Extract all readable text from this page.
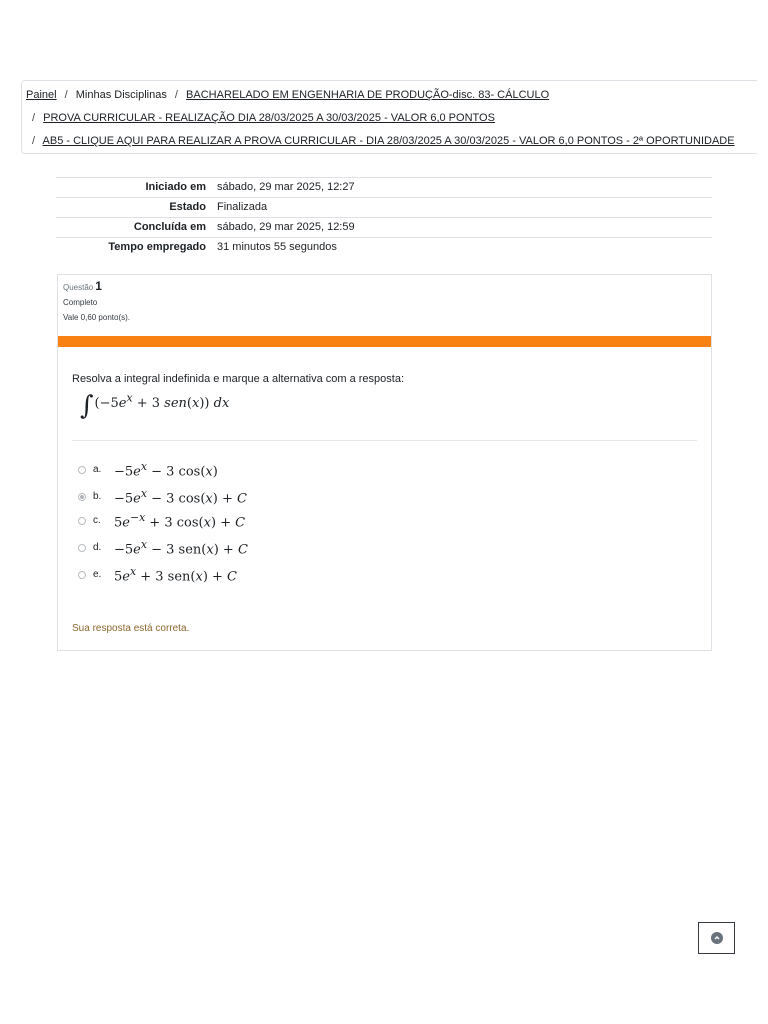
Painel / Minhas Disciplinas / BACHARELADO EM ENGENHARIA DE PRODUÇÃO-disc. 83- CÁLCULO
/ PROVA CURRICULAR - REALIZAÇÃO DIA 28/03/2025 A 30/03/2025 - VALOR 6,0 PONTOS
/ AB5 - CLIQUE AQUI PARA REALIZAR A PROVA CURRICULAR - DIA 28/03/2025 A 30/03/2025 - VALOR 6,0 PONTOS - 2ª OPORTUNIDADE
Iniciado em	sábado, 29 mar 2025, 12:27
Estado	Finalizada
Concluída em	sábado, 29 mar 2025, 12:59
Tempo empregado	31 minutos 55 segundos
Questão 1
Completo
Vale 0,60 ponto(s).
Resolva a integral indefinida e marque a alternativa com a resposta:
$\int(-5e^x + 3$ sen(x)) dx
a. $-5e^x - 3$ cos(x)
b. $-5e^x - 3$ cos(x) + C
c.	$5e^{-x} + 3$ cos(x) + C
d. $-5e^x - 3$ sen(x) + C
e. $5e^x + 3$ sen(x) + C
Sua resposta está correta.
